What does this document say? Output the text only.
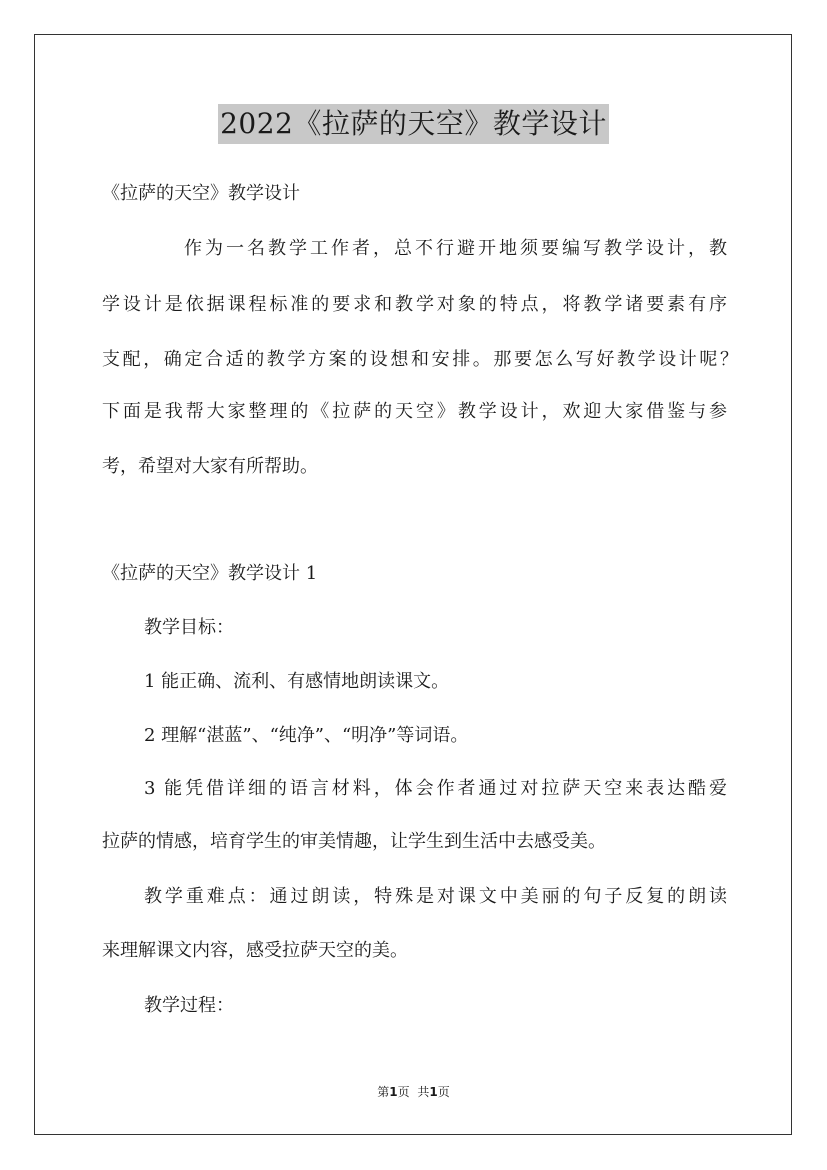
2022《拉萨的天空》教学设计

《拉萨的天空》教学设计

作为一名教学工作者，总不行避开地须要编写教学设计，教

学设计是依据课程标准的要求和教学对象的特点，将教学诸要素有序

支配，确定合适的教学方案的设想和安排。那要怎么写好教学设计呢？

下面是我帮大家整理的《拉萨的天空》教学设计，欢迎大家借鉴与参

考，希望对大家有所帮助。

《拉萨的天空》教学设计 1

教学目标：

1 能正确、流利、有感情地朗读课文。

2 理解“湛蓝”、“纯净”、“明净”等词语。

3 能凭借详细的语言材料，体会作者通过对拉萨天空来表达酷爱

拉萨的情感，培育学生的审美情趣，让学生到生活中去感受美。

教学重难点：通过朗读，特殊是对课文中美丽的句子反复的朗读

来理解课文内容，感受拉萨天空的美。

教学过程：

第1页 共1页
